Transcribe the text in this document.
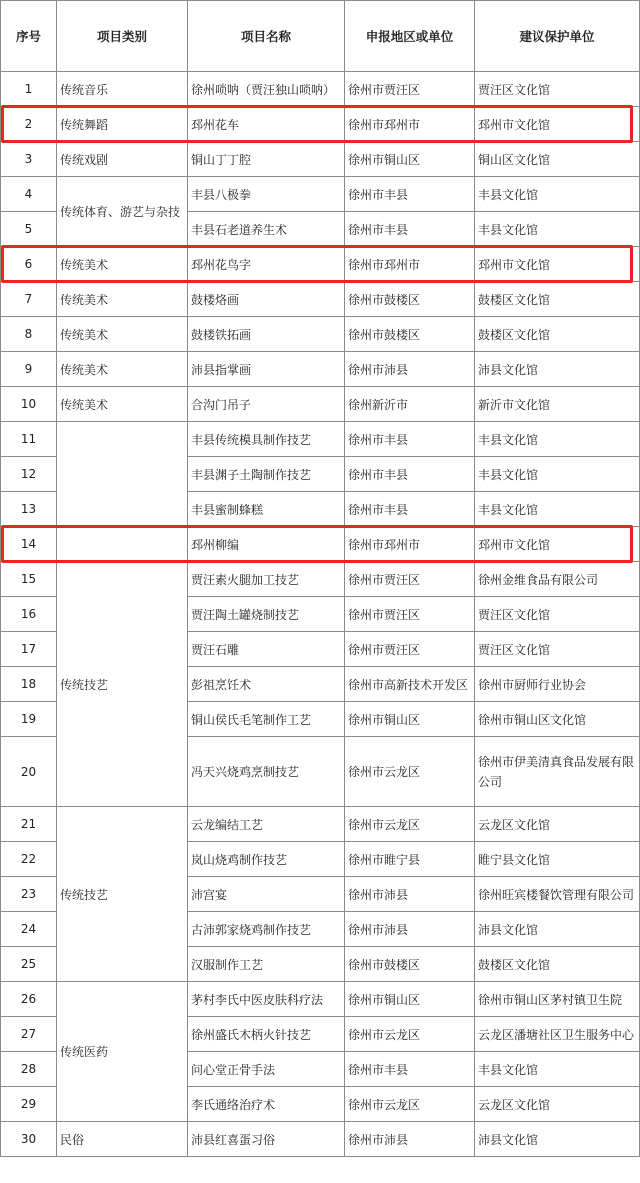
序号	项目类别	项目名称	申报地区或单位	建议保护单位
1	传统音乐	徐州唢呐（贾汪独山唢呐）	徐州市贾汪区	贾汪区文化馆
2	传统舞蹈	邳州花车	徐州市邳州市	邳州市文化馆
3	传统戏剧	铜山丁丁腔	徐州市铜山区	铜山区文化馆
4	传统体育、游艺与杂技	丰县八极拳	徐州市丰县	丰县文化馆
5		丰县石老道养生术	徐州市丰县	丰县文化馆
6	传统美术	邳州花鸟字	徐州市邳州市	邳州市文化馆
7	传统美术	鼓楼烙画	徐州市鼓楼区	鼓楼区文化馆
8	传统美术	鼓楼铁拓画	徐州市鼓楼区	鼓楼区文化馆
9	传统美术	沛县指掌画	徐州市沛县	沛县文化馆
10	传统美术	合沟门吊子	徐州新沂市	新沂市文化馆
11		丰县传统模具制作技艺	徐州市丰县	丰县文化馆
12		丰县渊子土陶制作技艺	徐州市丰县	丰县文化馆
13		丰县蜜制蜂糕	徐州市丰县	丰县文化馆
14		邳州柳编	徐州市邳州市	邳州市文化馆
15	传统技艺	贾汪素火腿加工技艺	徐州市贾汪区	徐州金维食品有限公司
16		贾汪陶土罐烧制技艺	徐州市贾汪区	贾汪区文化馆
17		贾汪石雕	徐州市贾汪区	贾汪区文化馆
18		彭祖烹饪术	徐州市高新技术开发区	徐州市厨师行业协会
19		铜山侯氏毛笔制作工艺	徐州市铜山区	徐州市铜山区文化馆
20		冯天兴烧鸡烹制技艺	徐州市云龙区	徐州市伊美清真食品发展有限公司
21	传统技艺	云龙编结工艺	徐州市云龙区	云龙区文化馆
22		岚山烧鸡制作技艺	徐州市睢宁县	睢宁县文化馆
23		沛宫宴	徐州市沛县	徐州旺宾楼餐饮管理有限公司
24		古沛郭家烧鸡制作技艺	徐州市沛县	沛县文化馆
25		汉服制作工艺	徐州市鼓楼区	鼓楼区文化馆
26	传统医药	茅村李氏中医皮肤科疗法	徐州市铜山区	徐州市铜山区茅村镇卫生院
27		徐州盛氏木柄火针技艺	徐州市云龙区	云龙区潘塘社区卫生服务中心
28		问心堂正骨手法	徐州市丰县	丰县文化馆
29		李氏通络治疗术	徐州市云龙区	云龙区文化馆
30	民俗	沛县红喜蛋习俗	徐州市沛县	沛县文化馆
